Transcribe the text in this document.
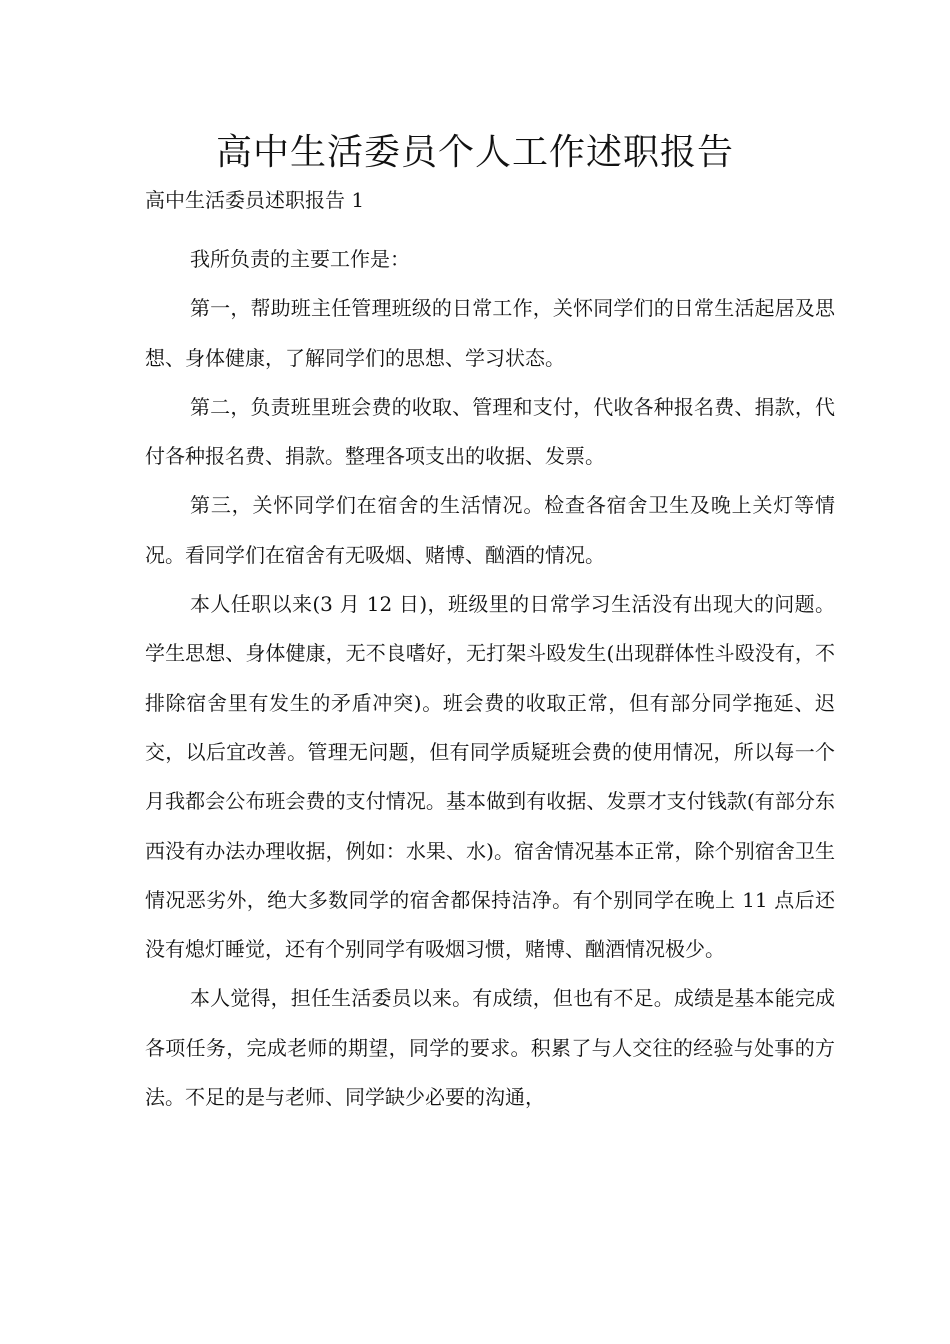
高中生活委员个人工作述职报告

高中生活委员述职报告 1

我所负责的主要工作是：

第一，帮助班主任管理班级的日常工作，关怀同学们的日常生活起居及思想、身体健康，了解同学们的思想、学习状态。

第二，负责班里班会费的收取、管理和支付，代收各种报名费、捐款，代付各种报名费、捐款。整理各项支出的收据、发票。

第三，关怀同学们在宿舍的生活情况。检查各宿舍卫生及晚上关灯等情况。看同学们在宿舍有无吸烟、赌博、酗酒的情况。

本人任职以来(3 月 12 日)，班级里的日常学习生活没有出现大的问题。学生思想、身体健康，无不良嗜好，无打架斗殴发生(出现群体性斗殴没有，不排除宿舍里有发生的矛盾冲突)。班会费的收取正常，但有部分同学拖延、迟交，以后宜改善。管理无问题，但有同学质疑班会费的使用情况，所以每一个月我都会公布班会费的支付情况。基本做到有收据、发票才支付钱款(有部分东西没有办法办理收据，例如：水果、水)。宿舍情况基本正常，除个别宿舍卫生情况恶劣外，绝大多数同学的宿舍都保持洁净。有个别同学在晚上 11 点后还没有熄灯睡觉，还有个别同学有吸烟习惯，赌博、酗酒情况极少。

本人觉得，担任生活委员以来。有成绩，但也有不足。成绩是基本能完成各项任务，完成老师的期望，同学的要求。积累了与人交往的经验与处事的方法。不足的是与老师、同学缺少必要的沟通，
